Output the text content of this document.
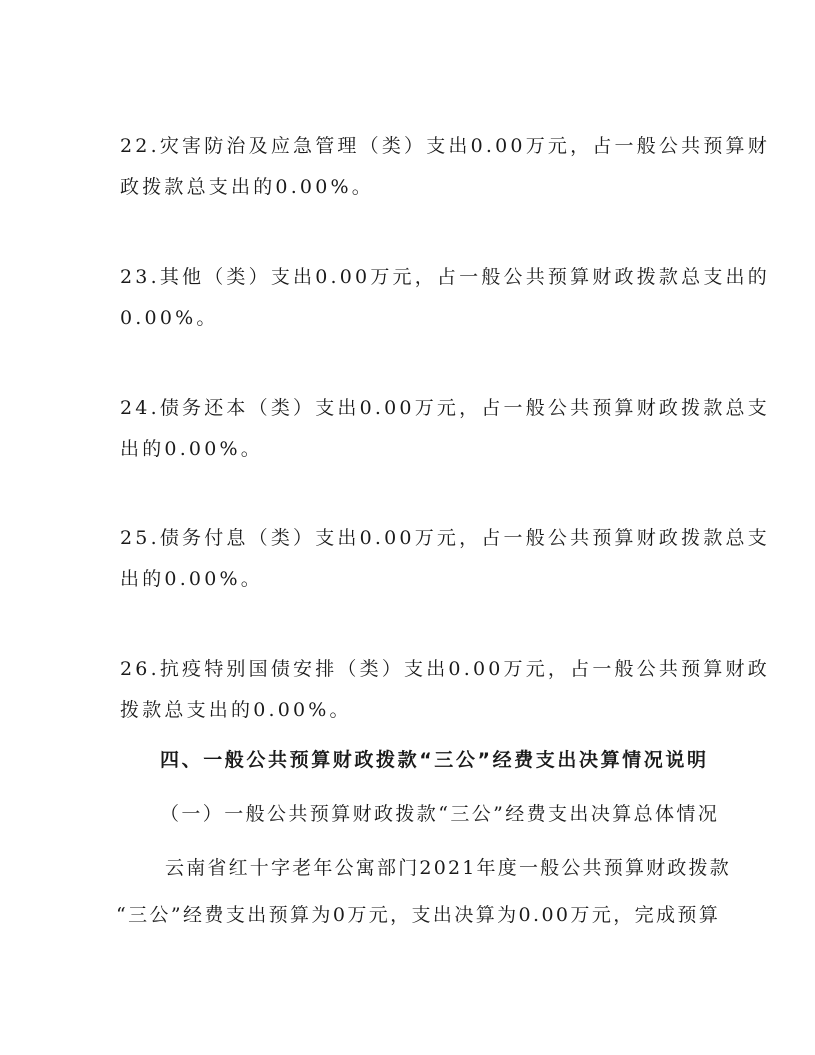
22.灾害防治及应急管理（类）支出0.00万元，占一般公共预算财
政拨款总支出的0.00%。
23.其他（类）支出0.00万元，占一般公共预算财政拨款总支出的
0.00%。
24.债务还本（类）支出0.00万元，占一般公共预算财政拨款总支
出的0.00%。
25.债务付息（类）支出0.00万元，占一般公共预算财政拨款总支
出的0.00%。
26.抗疫特别国债安排（类）支出0.00万元，占一般公共预算财政
拨款总支出的0.00%。
四、一般公共预算财政拨款“三公”经费支出决算情况说明
（一）一般公共预算财政拨款“三公”经费支出决算总体情况
云南省红十字老年公寓部门2021年度一般公共预算财政拨款
“三公”经费支出预算为0万元，支出决算为0.00万元，完成预算
